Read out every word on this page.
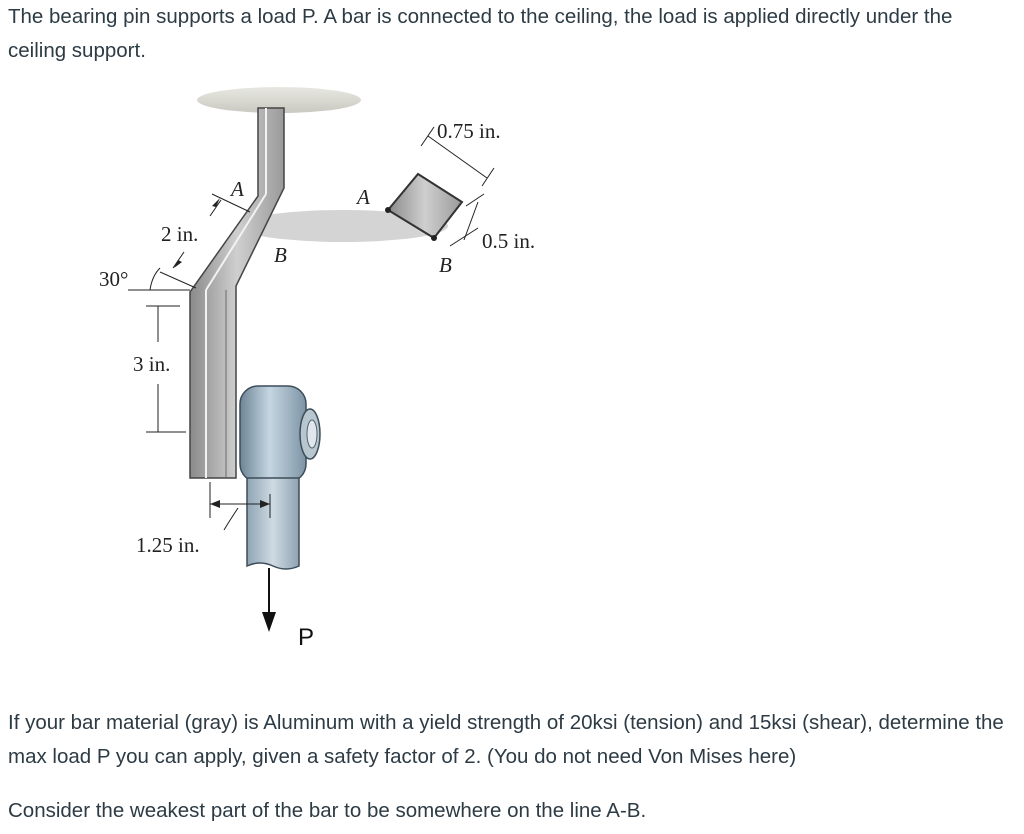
The bearing pin supports a load P. A bar is connected to the ceiling, the load is applied directly under the ceiling support.

P
2 in.
A
B
30°
3 in.
1.25 in.
A
B
0.75 in.
0.5 in.

If your bar material (gray) is Aluminum with a yield strength of 20ksi (tension) and 15ksi (shear), determine the max load P you can apply, given a safety factor of 2. (You do not need Von Mises here)

Consider the weakest part of the bar to be somewhere on the line A-B.
